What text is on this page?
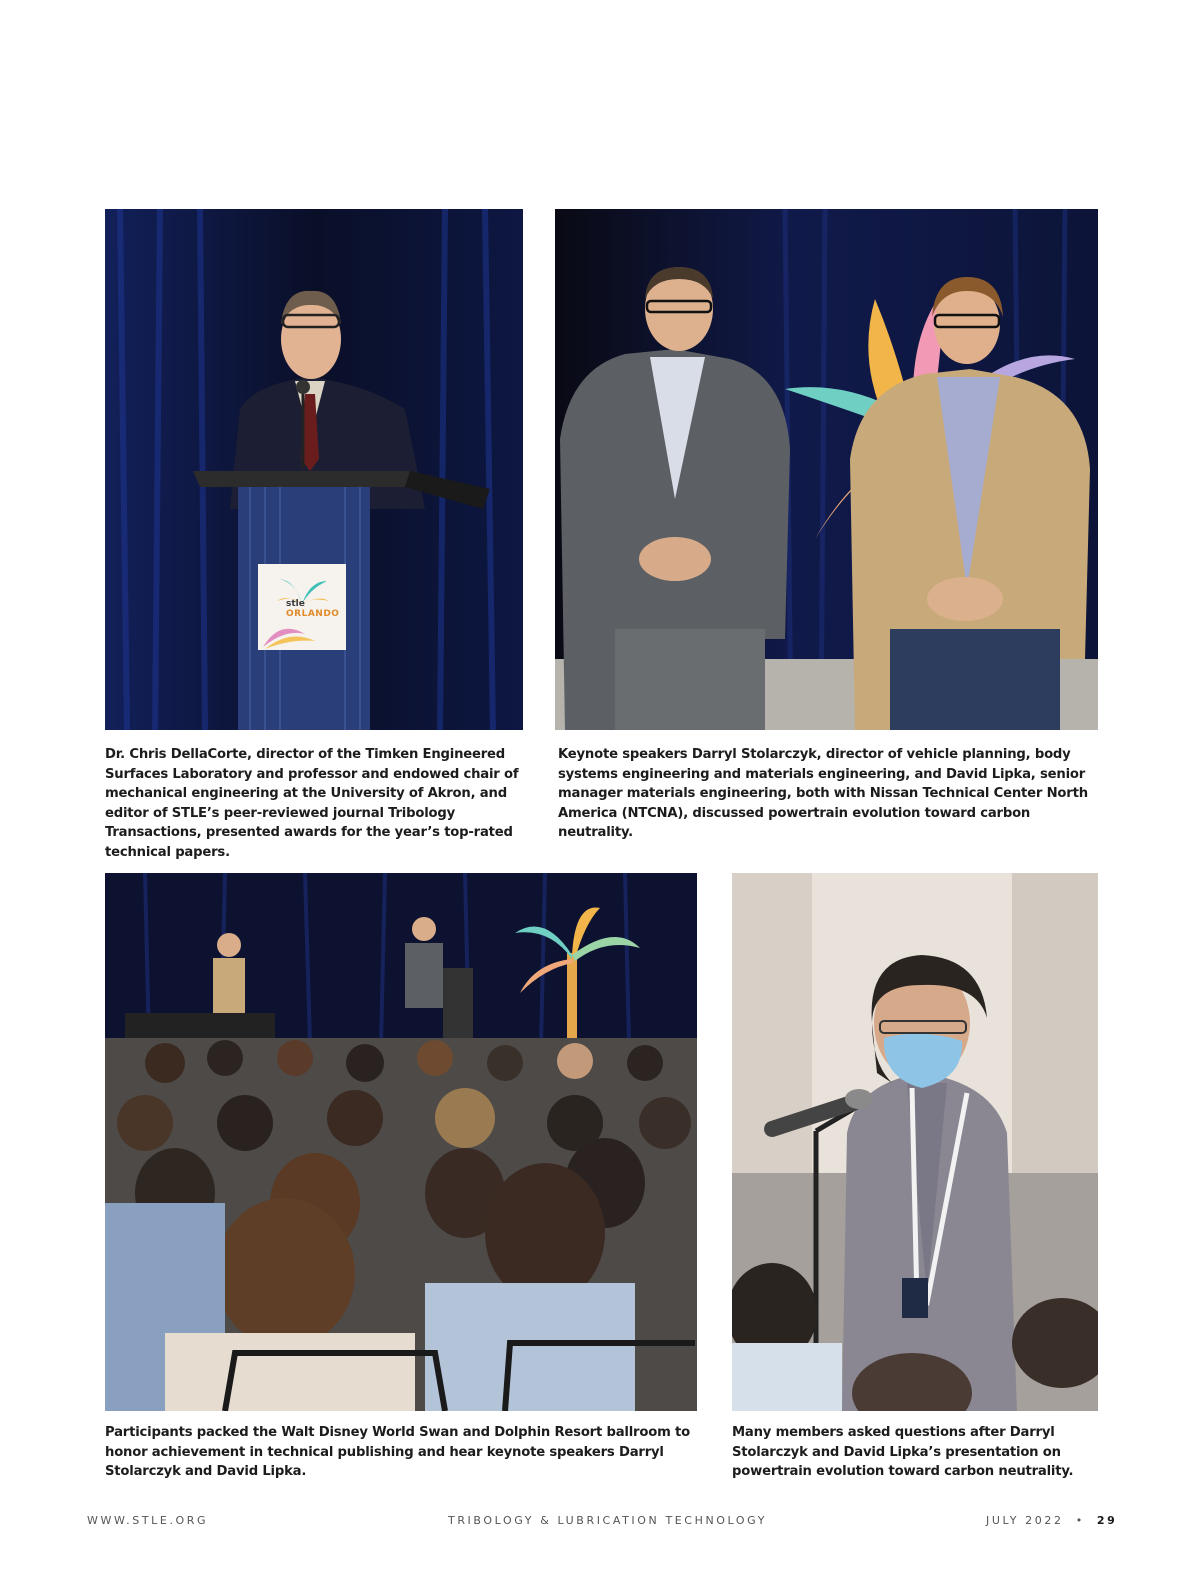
stle
ORLANDO
Dr. Chris DellaCorte, director of the Timken Engineered Surfaces Laboratory and professor and endowed chair of mechanical engineering at the University of Akron, and editor of STLE’s peer-reviewed journal Tribology Transactions, presented awards for the year’s top-rated technical papers.
Keynote speakers Darryl Stolarczyk, director of vehicle planning, body systems engineering and materials engineering, and David Lipka, senior manager materials engineering, both with Nissan Technical Center North America (NTCNA), discussed powertrain evolution toward carbon neutrality.
Participants packed the Walt Disney World Swan and Dolphin Resort ballroom to honor achievement in technical publishing and hear keynote speakers Darryl Stolarczyk and David Lipka.
Many members asked questions after Darryl Stolarczyk and David Lipka’s presentation on powertrain evolution toward carbon neutrality.
WWW.STLE.ORG	TRIBOLOGY & LUBRICATION TECHNOLOGY	JULY 2022 • 29
